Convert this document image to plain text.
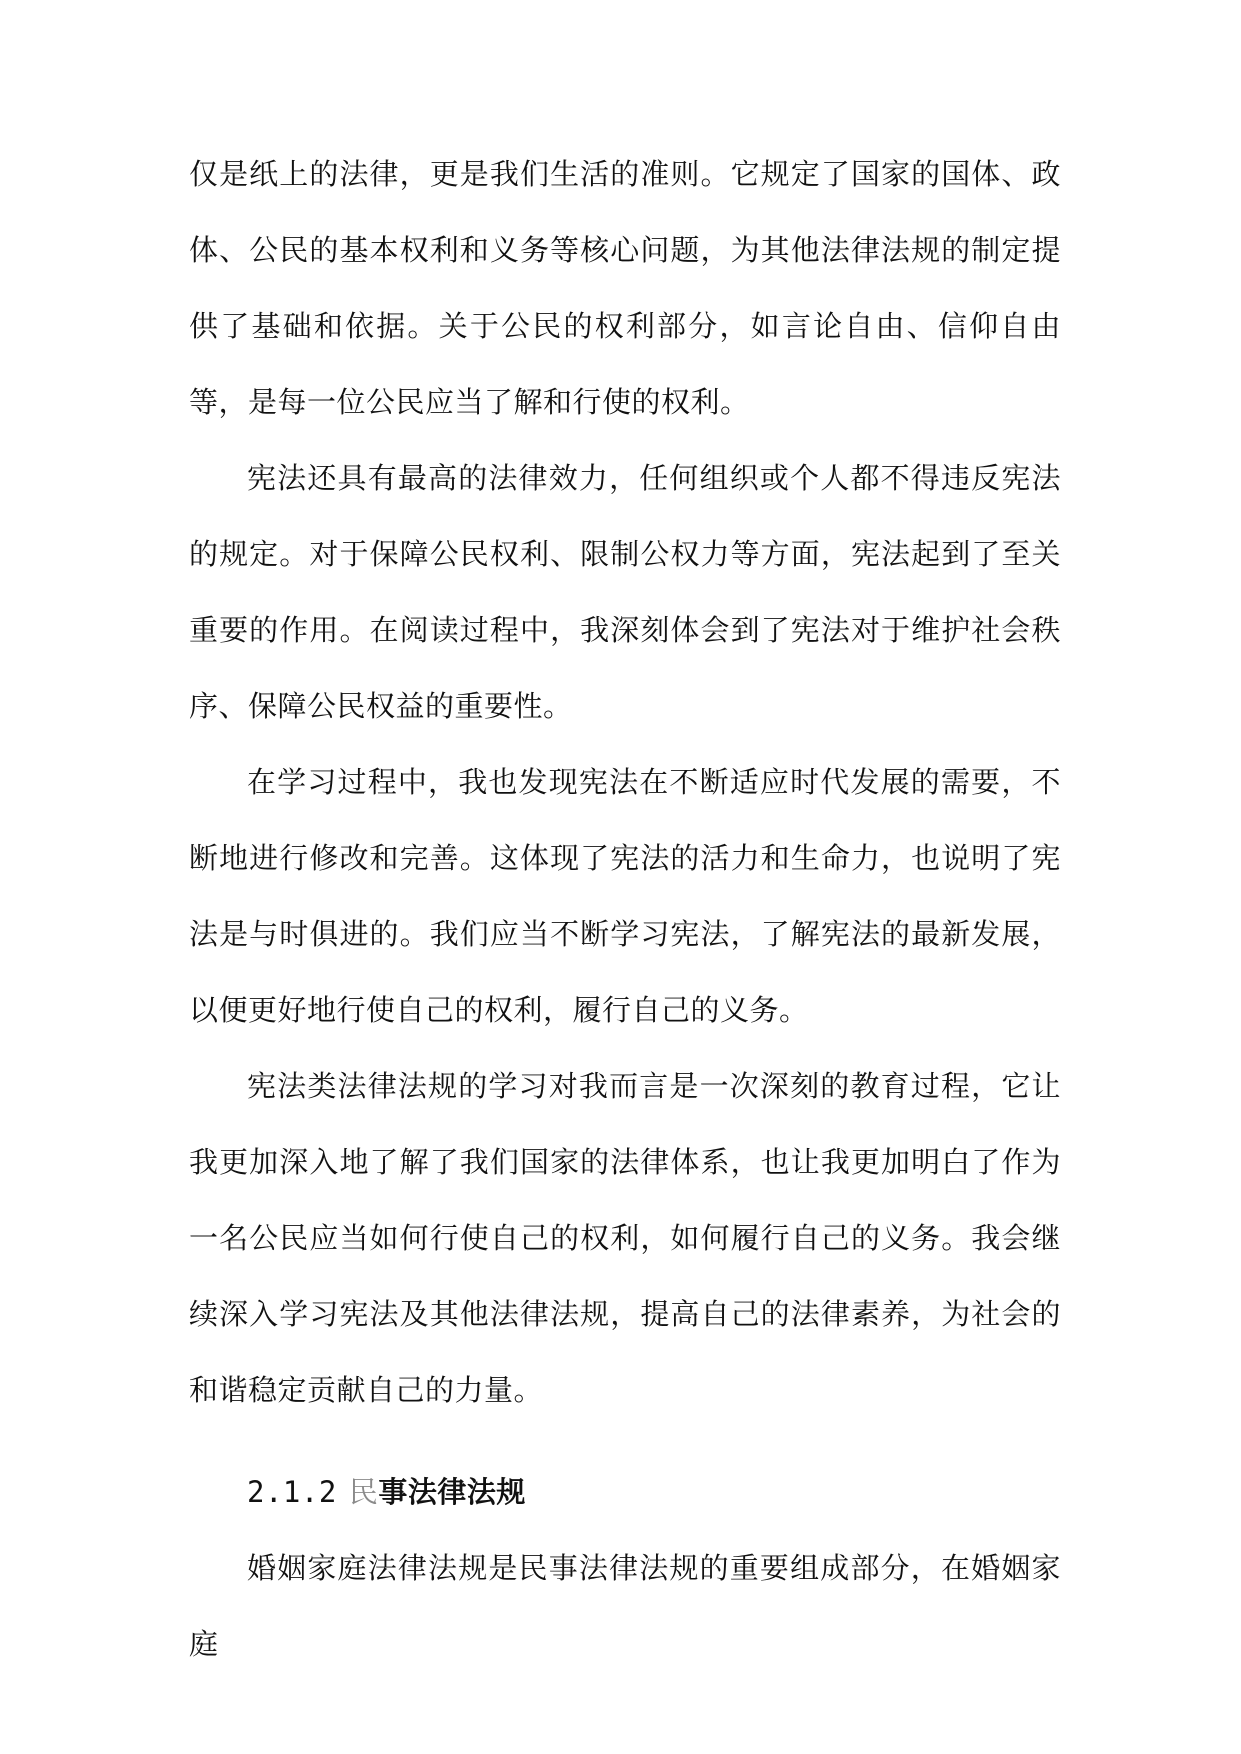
仅是纸上的法律，更是我们生活的准则。它规定了国家的国体、政体、公民的基本权利和义务等核心问题，为其他法律法规的制定提供了基础和依据。关于公民的权利部分，如言论自由、信仰自由等，是每一位公民应当了解和行使的权利。

宪法还具有最高的法律效力，任何组织或个人都不得违反宪法的规定。对于保障公民权利、限制公权力等方面，宪法起到了至关重要的作用。在阅读过程中，我深刻体会到了宪法对于维护社会秩序、保障公民权益的重要性。

在学习过程中，我也发现宪法在不断适应时代发展的需要，不断地进行修改和完善。这体现了宪法的活力和生命力，也说明了宪法是与时俱进的。我们应当不断学习宪法，了解宪法的最新发展，以便更好地行使自己的权利，履行自己的义务。

宪法类法律法规的学习对我而言是一次深刻的教育过程，它让我更加深入地了解了我们国家的法律体系，也让我更加明白了作为一名公民应当如何行使自己的权利，如何履行自己的义务。我会继续深入学习宪法及其他法律法规，提高自己的法律素养，为社会的和谐稳定贡献自己的力量。

2.1.2 民事法律法规

婚姻家庭法律法规是民事法律法规的重要组成部分，在婚姻家庭
